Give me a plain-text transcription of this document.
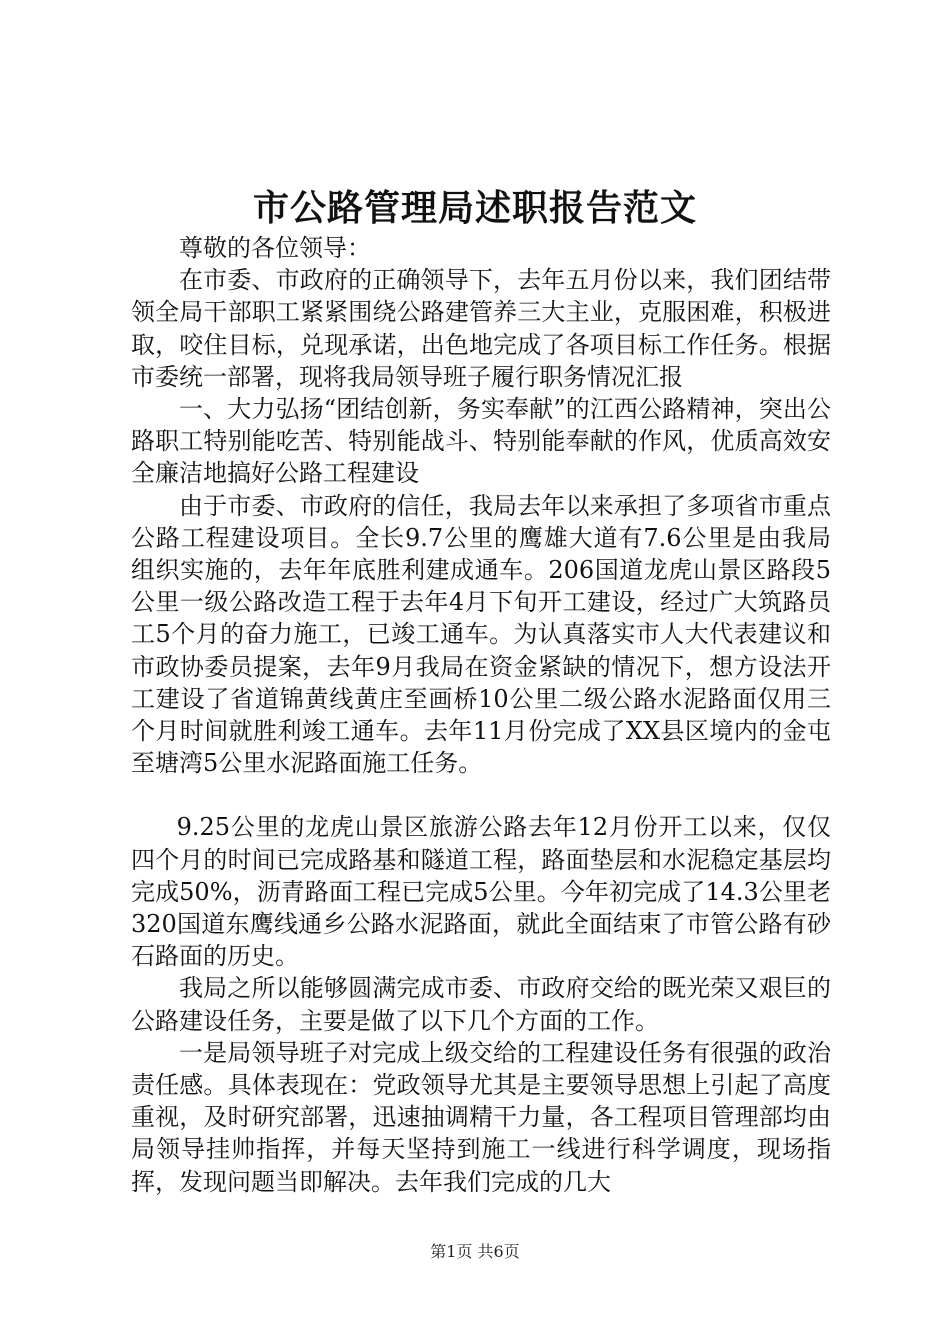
市公路管理局述职报告范文

尊敬的各位领导：

在市委、市政府的正确领导下，去年五月份以来，我们团结带领全局干部职工紧紧围绕公路建管养三大主业，克服困难，积极进取，咬住目标，兑现承诺，出色地完成了各项目标工作任务。根据市委统一部署，现将我局领导班子履行职务情况汇报

一、大力弘扬“团结创新，务实奉献”的江西公路精神，突出公路职工特别能吃苦、特别能战斗、特别能奉献的作风，优质高效安全廉洁地搞好公路工程建设

由于市委、市政府的信任，我局去年以来承担了多项省市重点公路工程建设项目。全长9.7公里的鹰雄大道有7.6公里是由我局组织实施的，去年年底胜利建成通车。206国道龙虎山景区路段5公里一级公路改造工程于去年4月下旬开工建设，经过广大筑路员工5个月的奋力施工，已竣工通车。为认真落实市人大代表建议和市政协委员提案，去年9月我局在资金紧缺的情况下，想方设法开工建设了省道锦黄线黄庄至画桥10公里二级公路水泥路面仅用三个月时间就胜利竣工通车。去年11月份完成了XX县区境内的金屯至塘湾5公里水泥路面施工任务。

9.25公里的龙虎山景区旅游公路去年12月份开工以来，仅仅四个月的时间已完成路基和隧道工程，路面垫层和水泥稳定基层均完成50%，沥青路面工程已完成5公里。今年初完成了14.3公里老320国道东鹰线通乡公路水泥路面，就此全面结束了市管公路有砂石路面的历史。

我局之所以能够圆满完成市委、市政府交给的既光荣又艰巨的公路建设任务，主要是做了以下几个方面的工作。

一是局领导班子对完成上级交给的工程建设任务有很强的政治责任感。具体表现在：党政领导尤其是主要领导思想上引起了高度重视，及时研究部署，迅速抽调精干力量，各工程项目管理部均由局领导挂帅指挥，并每天坚持到施工一线进行科学调度，现场指挥，发现问题当即解决。去年我们完成的几大

第1页 共6页
